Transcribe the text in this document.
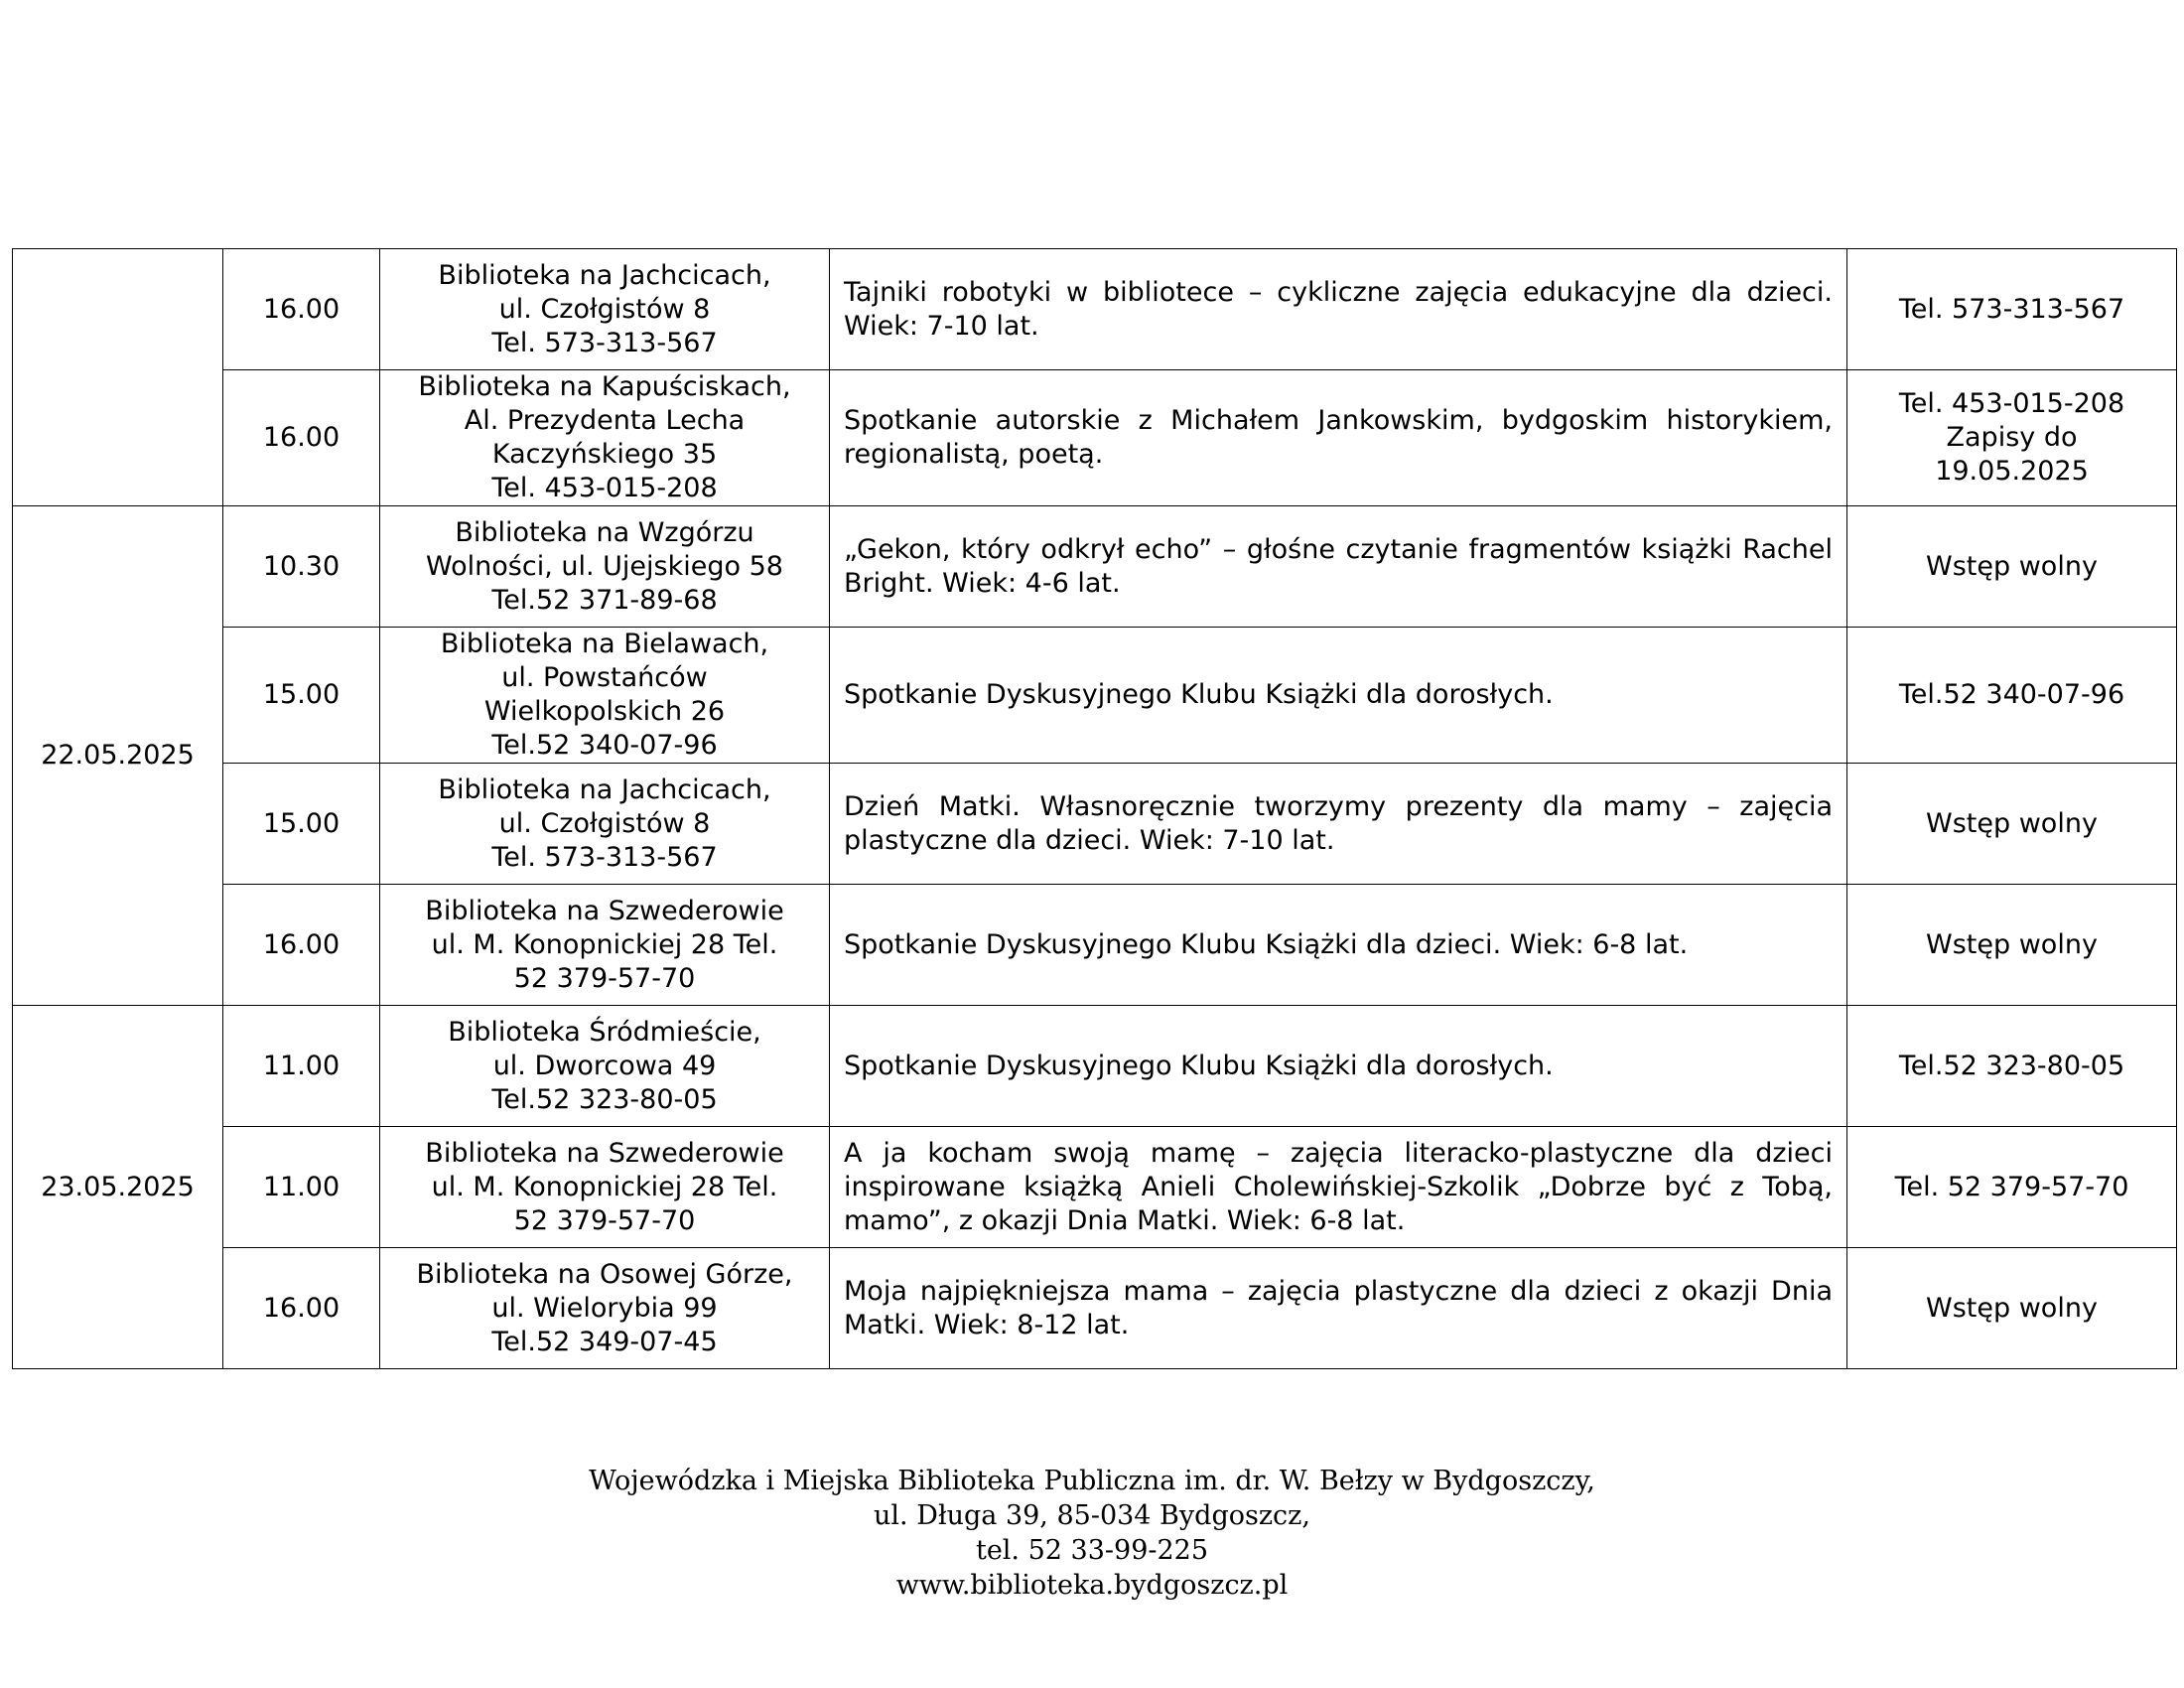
	16.00	Biblioteka na Jachcicach,
ul. Czołgistów 8
Tel. 573-313-567	Tajniki robotyki w bibliotece – cykliczne zajęcia edukacyjne dla dzieci. Wiek: 7-10 lat.	Tel. 573-313-567
	16.00	Biblioteka na Kapuściskach,
Al. Prezydenta Lecha
Kaczyńskiego 35
Tel. 453-015-208	Spotkanie autorskie z Michałem Jankowskim, bydgoskim historykiem, regionalistą, poetą.	Tel. 453-015-208
Zapisy do
19.05.2025
22.05.2025	10.30	Biblioteka na Wzgórzu
Wolności, ul. Ujejskiego 58
Tel.52 371-89-68	„Gekon, który odkrył echo” – głośne czytanie fragmentów książki Rachel Bright. Wiek: 4-6 lat.	Wstęp wolny
	15.00	Biblioteka na Bielawach,
ul. Powstańców
Wielkopolskich 26
Tel.52 340-07-96	Spotkanie Dyskusyjnego Klubu Książki dla dorosłych.	Tel.52 340-07-96
	15.00	Biblioteka na Jachcicach,
ul. Czołgistów 8
Tel. 573-313-567	Dzień Matki. Własnoręcznie tworzymy prezenty dla mamy – zajęcia plastyczne dla dzieci. Wiek: 7-10 lat.	Wstęp wolny
	16.00	Biblioteka na Szwederowie
ul. M. Konopnickiej 28 Tel.
52 379-57-70	Spotkanie Dyskusyjnego Klubu Książki dla dzieci. Wiek: 6-8 lat.	Wstęp wolny
23.05.2025	11.00	Biblioteka Śródmieście,
ul. Dworcowa 49
Tel.52 323-80-05	Spotkanie Dyskusyjnego Klubu Książki dla dorosłych.	Tel.52 323-80-05
	11.00	Biblioteka na Szwederowie
ul. M. Konopnickiej 28 Tel.
52 379-57-70	A ja kocham swoją mamę – zajęcia literacko-plastyczne dla dzieci inspirowane książką Anieli Cholewińskiej-Szkolik „Dobrze być z Tobą, mamo”, z okazji Dnia Matki. Wiek: 6-8 lat.	Tel. 52 379-57-70
	16.00	Biblioteka na Osowej Górze,
ul. Wielorybia 99
Tel.52 349-07-45	Moja najpiękniejsza mama – zajęcia plastyczne dla dzieci z okazji Dnia Matki. Wiek: 8-12 lat.	Wstęp wolny
Wojewódzka i Miejska Biblioteka Publiczna im. dr. W. Bełzy w Bydgoszczy,
ul. Długa 39, 85-034 Bydgoszcz,
tel. 52 33-99-225
www.biblioteka.bydgoszcz.pl
